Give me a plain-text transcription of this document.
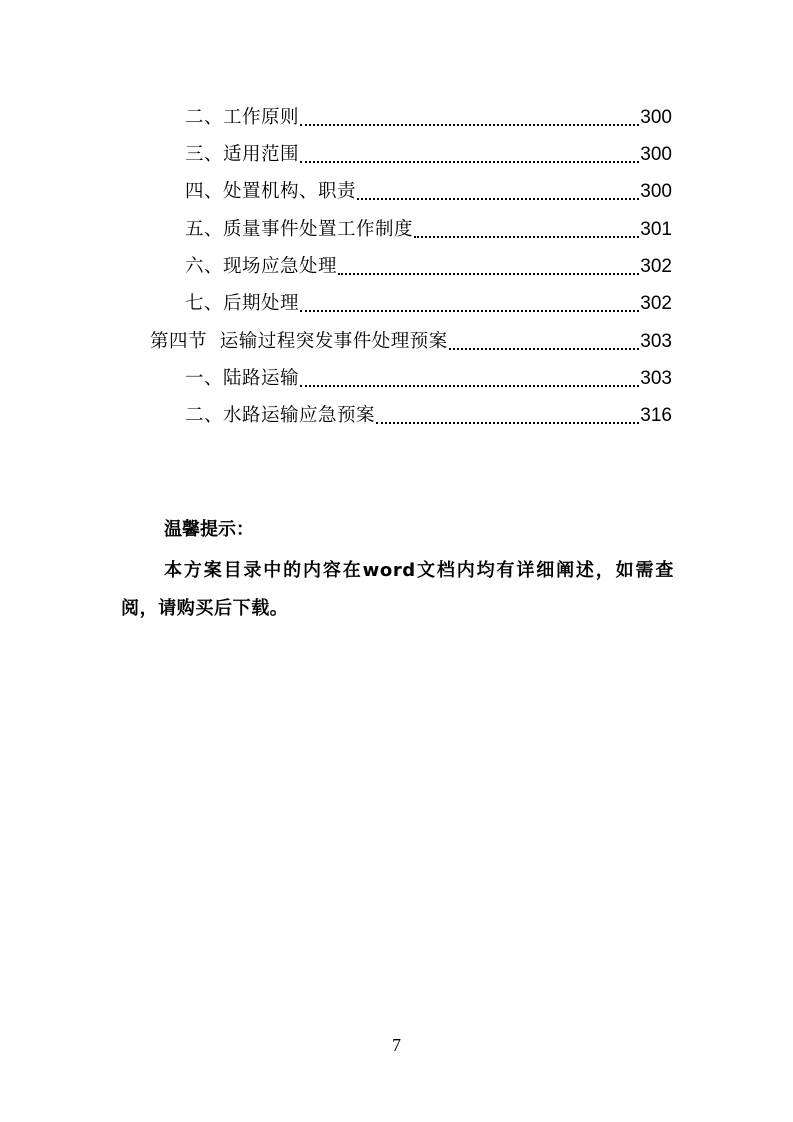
二、工作原则	300
三、适用范围	300
四、处置机构、职责	300
五、质量事件处置工作制度	301
六、现场应急处理	302
七、后期处理	302
第四节  运输过程突发事件处理预案	303
一、陆路运输	303
二、水路运输应急预案	316
温馨提示：
本方案目录中的内容在word文档内均有详细阐述，如需查阅，请购买后下载。
7
